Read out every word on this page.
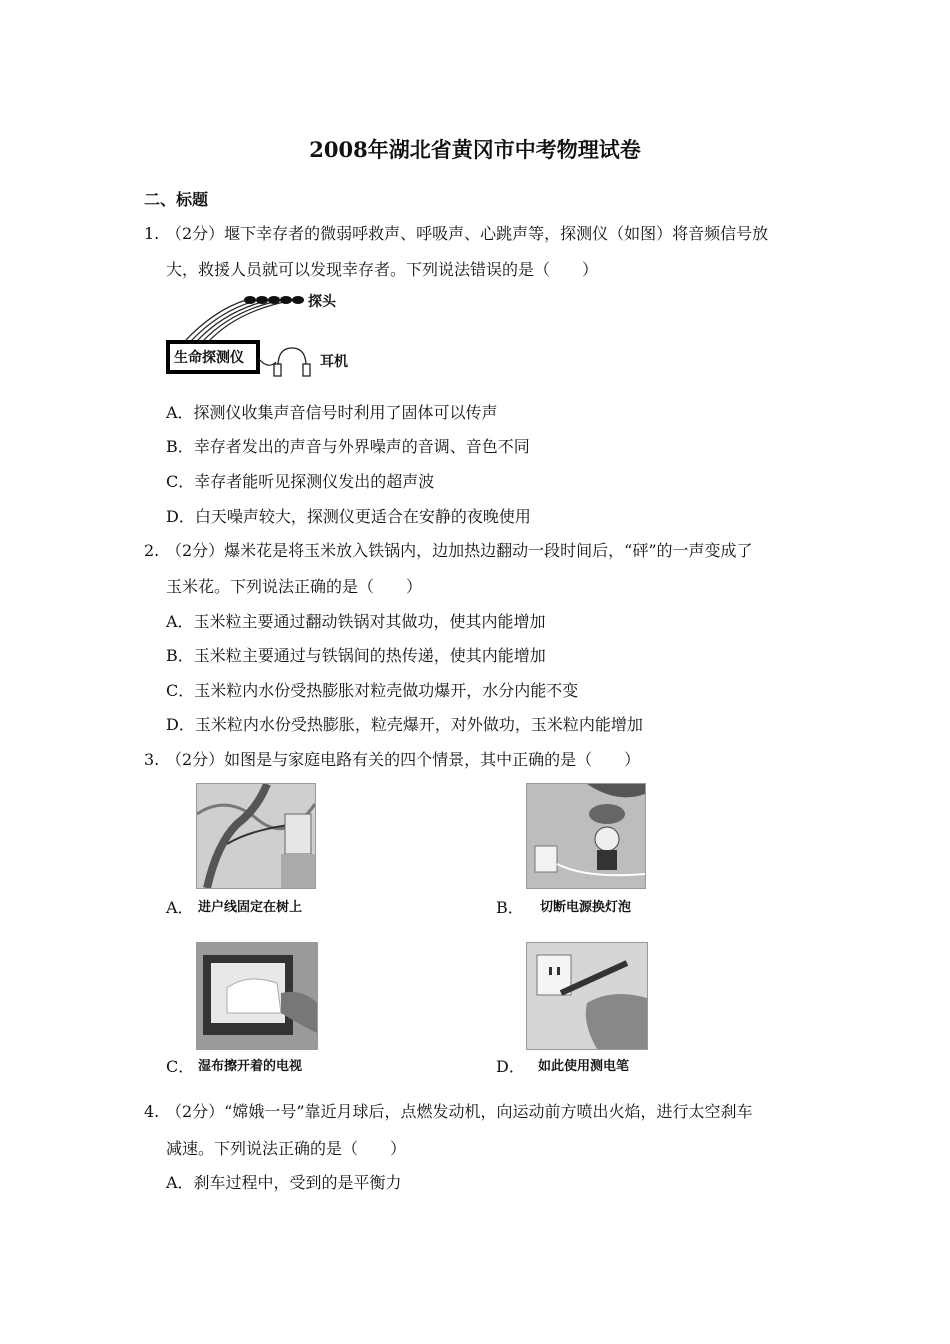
2008年湖北省黄冈市中考物理试卷
二、标题
1. （2分）堰下幸存者的微弱呼救声、呼吸声、心跳声等，探测仪（如图）将音频信号放
大，救援人员就可以发现幸存者。下列说法错误的是（　　）
生命探测仪
探头
耳机
A．探测仪收集声音信号时利用了固体可以传声
B．幸存者发出的声音与外界噪声的音调、音色不同
C．幸存者能听见探测仪发出的超声波
D．白天噪声较大，探测仪更适合在安静的夜晚使用
2. （2分）爆米花是将玉米放入铁锅内，边加热边翻动一段时间后，“砰”的一声变成了
玉米花。下列说法正确的是（　　）
A．玉米粒主要通过翻动铁锅对其做功，使其内能增加
B．玉米粒主要通过与铁锅间的热传递，使其内能增加
C．玉米粒内水份受热膨胀对粒壳做功爆开，水分内能不变
D．玉米粒内水份受热膨胀，粒壳爆开，对外做功，玉米粒内能增加
3. （2分）如图是与家庭电路有关的四个情景，其中正确的是（　　）
A． 进户线固定在树上	B． 切断电源换灯泡
C． 湿布擦开着的电视	D． 如此使用测电笔
4. （2分）“嫦娥一号”靠近月球后，点燃发动机，向运动前方喷出火焰，进行太空刹车
减速。下列说法正确的是（　　）
A．刹车过程中，受到的是平衡力
